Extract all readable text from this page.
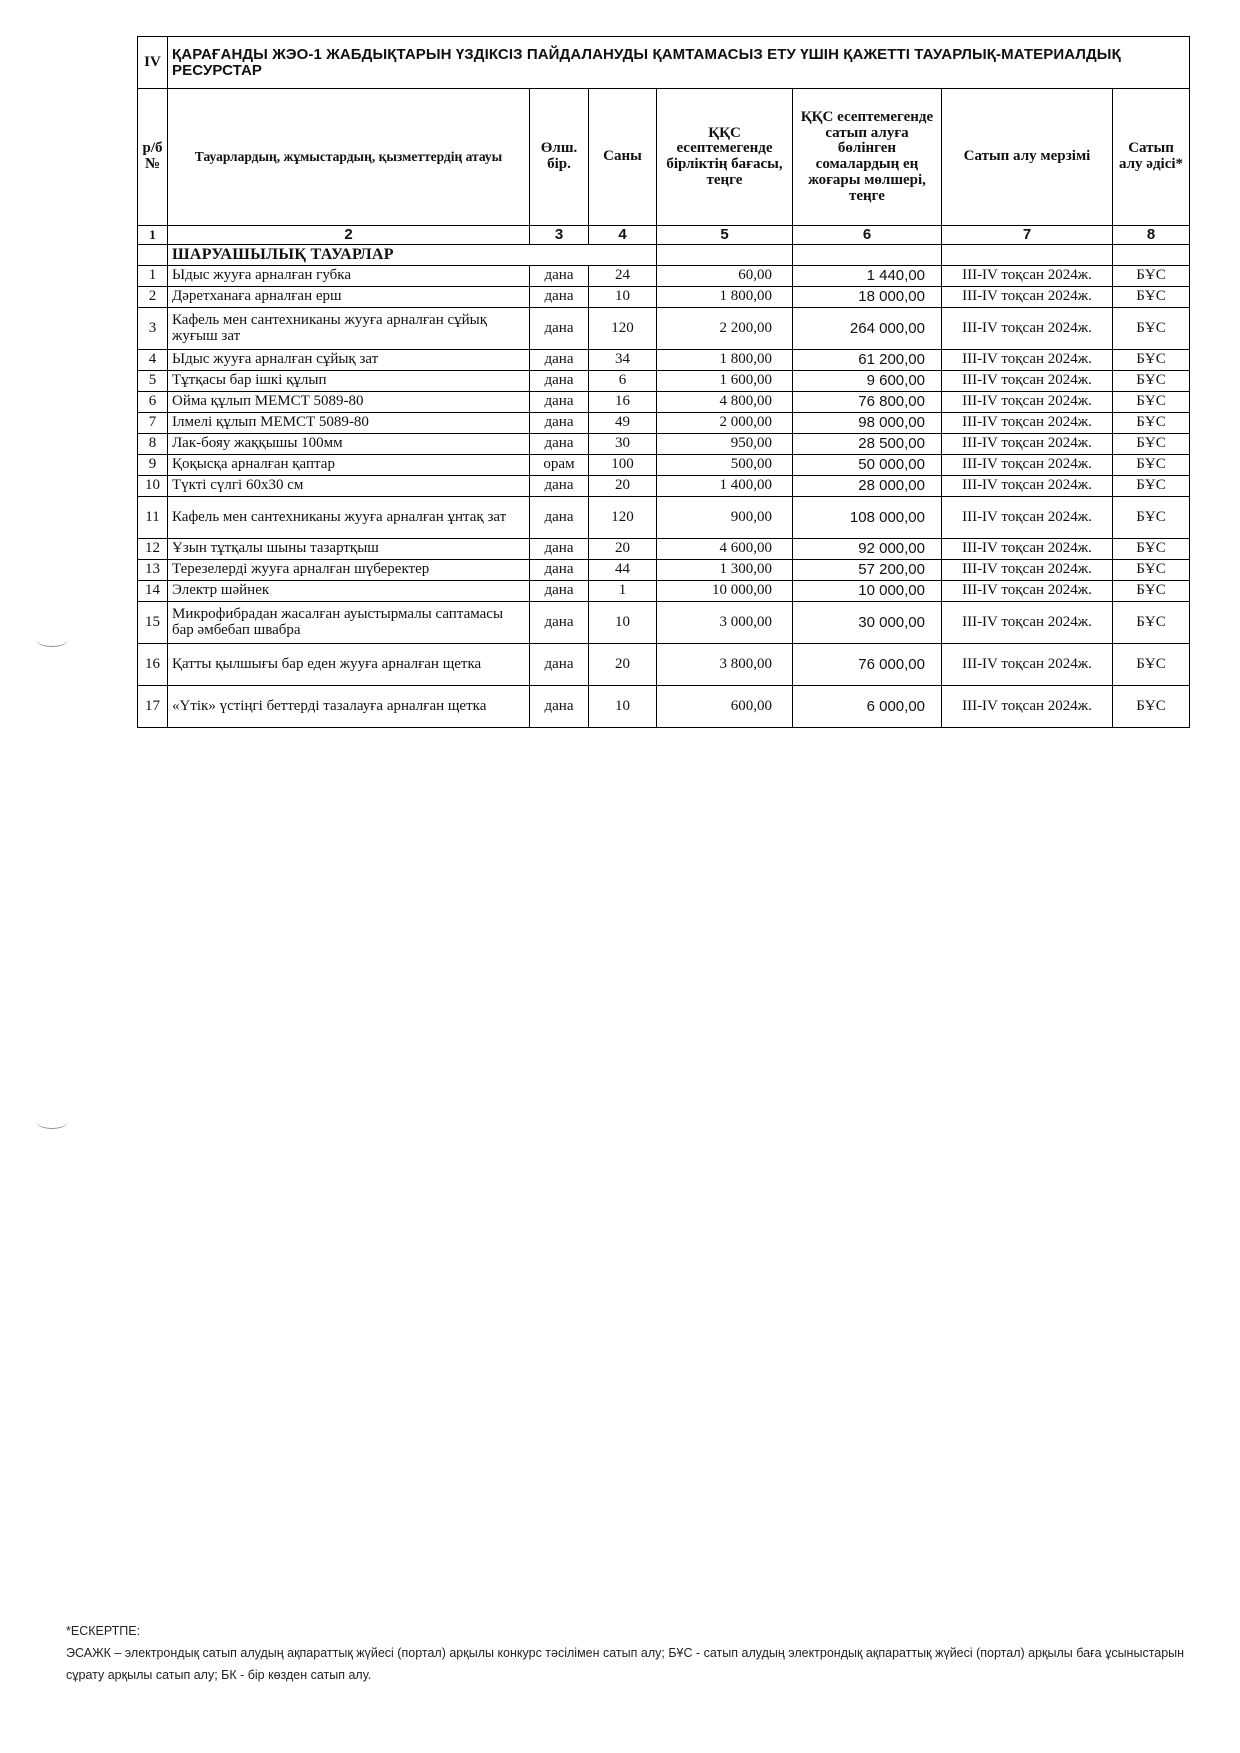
IV	ҚАРАҒАНДЫ ЖЭО-1 ЖАБДЫҚТАРЫН ҮЗДІКСІЗ ПАЙДАЛАНУДЫ ҚАМТАМАСЫЗ ЕТУ ҮШІН ҚАЖЕТТІ ТАУАРЛЫҚ-МАТЕРИАЛДЫҚ РЕСУРСТАР						
р/б №	Тауарлардың, жұмыстардың, қызметтердің атауы	Өлш. бір.	Саны	ҚҚС есептемегенде бірліктің бағасы, теңге	ҚҚС есептемегенде сатып алуға бөлінген сомалардың ең жоғары мөлшері, теңге	Сатып алу мерзімі	Сатып алу әдісі*
1	2	3	4	5	6	7	8
	ШАРУАШЫЛЫҚ ТАУАРЛАР						
1	Ыдыс жууға арналған губка	дана	24	60,00	1 440,00	III-IV тоқсан 2024ж.	БҰС
2	Дәретханаға арналған ерш	дана	10	1 800,00	18 000,00	III-IV тоқсан 2024ж.	БҰС
3	Кафель мен сантехниканы жууға арналған сұйық жуғыш зат	дана	120	2 200,00	264 000,00	III-IV тоқсан 2024ж.	БҰС
4	Ыдыс жууға арналған сұйық зат	дана	34	1 800,00	61 200,00	III-IV тоқсан 2024ж.	БҰС
5	Тұтқасы бар ішкі құлып	дана	6	1 600,00	9 600,00	III-IV тоқсан 2024ж.	БҰС
6	Ойма құлып МЕМСТ 5089-80	дана	16	4 800,00	76 800,00	III-IV тоқсан 2024ж.	БҰС
7	Ілмелі құлып МЕМСТ 5089-80	дана	49	2 000,00	98 000,00	III-IV тоқсан 2024ж.	БҰС
8	Лак-бояу жаққышы 100мм	дана	30	950,00	28 500,00	III-IV тоқсан 2024ж.	БҰС
9	Қоқысқа арналған қаптар	орам	100	500,00	50 000,00	III-IV тоқсан 2024ж.	БҰС
10	Түкті сүлгі 60х30 см	дана	20	1 400,00	28 000,00	III-IV тоқсан 2024ж.	БҰС
11	Кафель мен сантехниканы жууға арналған ұнтақ зат	дана	120	900,00	108 000,00	III-IV тоқсан 2024ж.	БҰС
12	Ұзын тұтқалы шыны тазартқыш	дана	20	4 600,00	92 000,00	III-IV тоқсан 2024ж.	БҰС
13	Терезелерді жууға арналған шүберектер	дана	44	1 300,00	57 200,00	III-IV тоқсан 2024ж.	БҰС
14	Электр шәйнек	дана	1	10 000,00	10 000,00	III-IV тоқсан 2024ж.	БҰС
15	Микрофибрадан жасалған ауыстырмалы саптамасы бар әмбебап швабра	дана	10	3 000,00	30 000,00	III-IV тоқсан 2024ж.	БҰС
16	Қатты қылшығы бар еден жууға арналған щетка	дана	20	3 800,00	76 000,00	III-IV тоқсан 2024ж.	БҰС
17	«Үтік» үстіңгі беттерді тазалауға арналған щетка	дана	10	600,00	6 000,00	III-IV тоқсан 2024ж.	БҰС
*ЕСКЕРТПЕ:
ЭСАЖК – электрондық сатып алудың ақпараттық жүйесі (портал) арқылы конкурс тәсілімен сатып алу; БҰС - сатып алудың электрондық ақпараттық жүйесі (портал) арқылы баға ұсыныстарын сұрату арқылы сатып алу; БК - бір көзден сатып алу.
